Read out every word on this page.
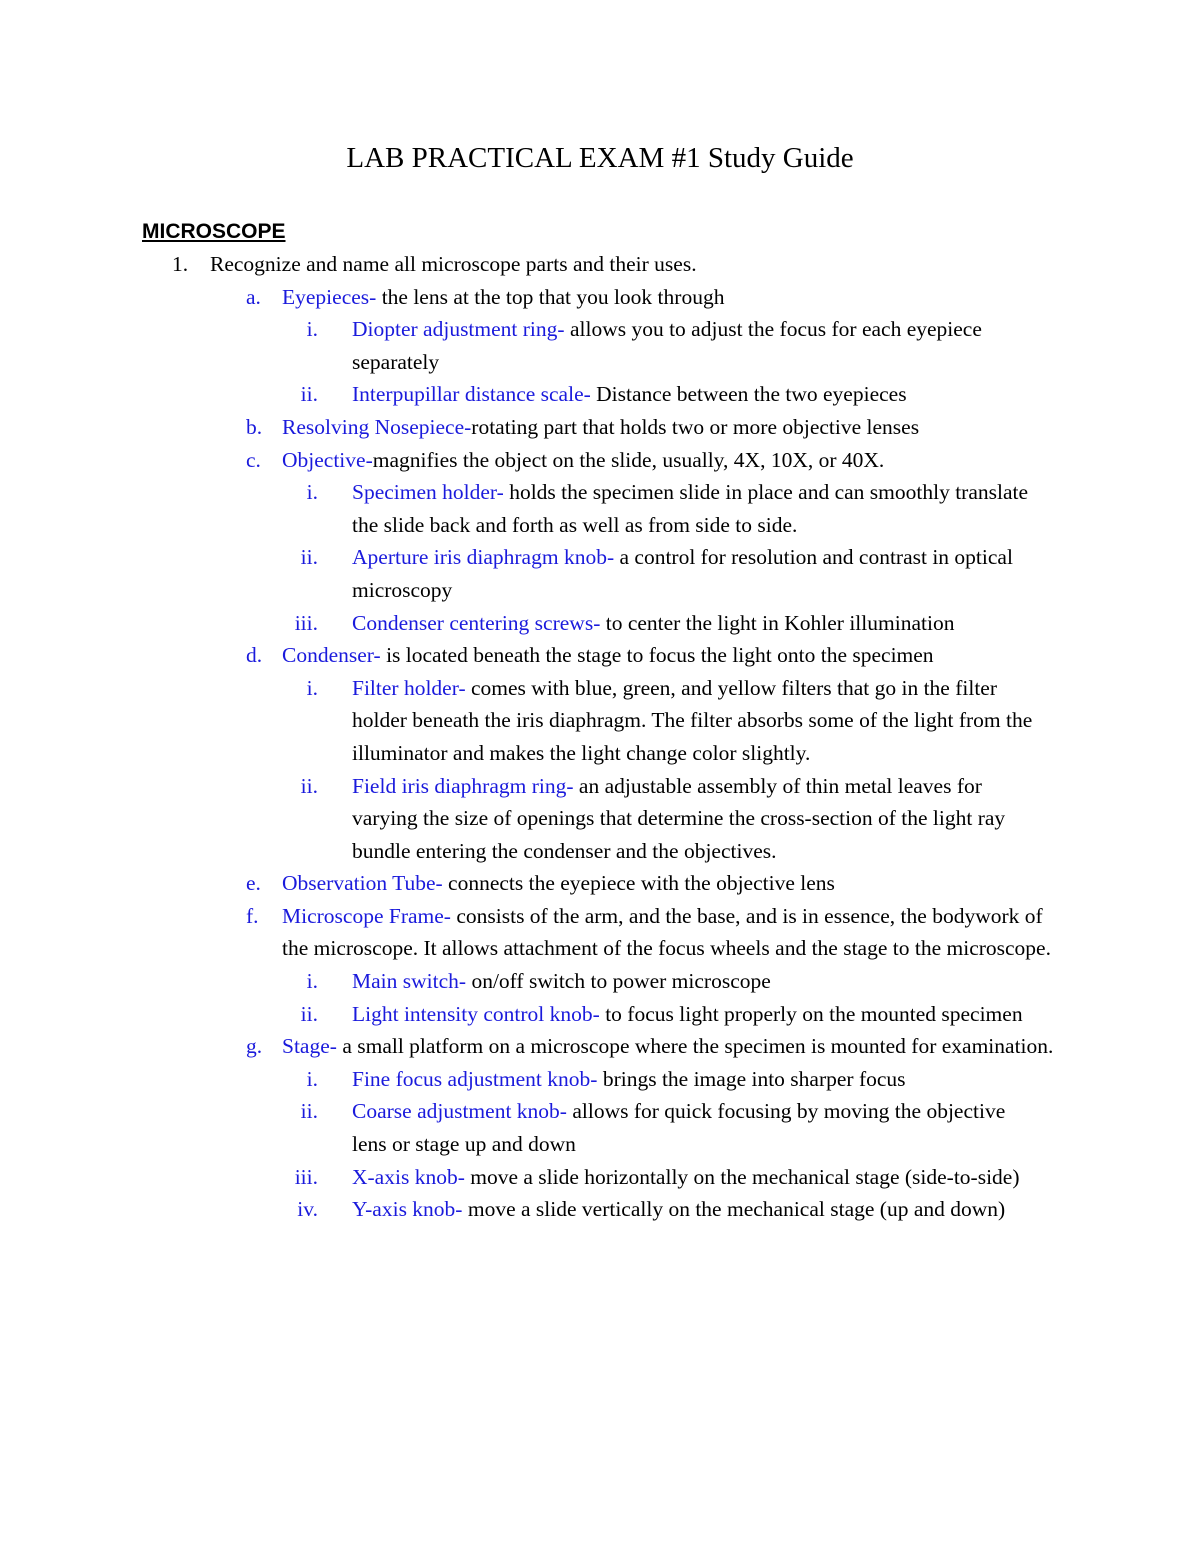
LAB PRACTICAL EXAM #1 Study Guide
MICROSCOPE
1.	Recognize and name all microscope parts and their uses.
a. Eyepieces- the lens at the top that you look through
i. Diopter adjustment ring- allows you to adjust the focus for each eyepiece separately
ii. Interpupillar distance scale- Distance between the two eyepieces
b. Resolving Nosepiece-rotating part that holds two or more objective lenses
c. Objective-magnifies the object on the slide, usually, 4X, 10X, or 40X.
i. Specimen holder- holds the specimen slide in place and can smoothly translate the slide back and forth as well as from side to side.
ii. Aperture iris diaphragm knob- a control for resolution and contrast in optical microscopy
iii. Condenser centering screws- to center the light in Kohler illumination
d. Condenser- is located beneath the stage to focus the light onto the specimen
i. Filter holder- comes with blue, green, and yellow filters that go in the filter holder beneath the iris diaphragm. The filter absorbs some of the light from the illuminator and makes the light change color slightly.
ii. Field iris diaphragm ring- an adjustable assembly of thin metal leaves for varying the size of openings that determine the cross-section of the light ray bundle entering the condenser and the objectives.
e. Observation Tube- connects the eyepiece with the objective lens
f.	Microscope Frame- consists of the arm, and the base, and is in essence, the bodywork of the microscope. It allows attachment of the focus wheels and the stage to the microscope.
i. Main switch- on/off switch to power microscope
ii. Light intensity control knob- to focus light properly on the mounted specimen
g. Stage- a small platform on a microscope where the specimen is mounted for examination.
i. Fine focus adjustment knob- brings the image into sharper focus
ii. Coarse adjustment knob- allows for quick focusing by moving the objective lens or stage up and down
iii. X-axis knob- move a slide horizontally on the mechanical stage (side-to-side)
iv. Y-axis knob- move a slide vertically on the mechanical stage (up and down)
